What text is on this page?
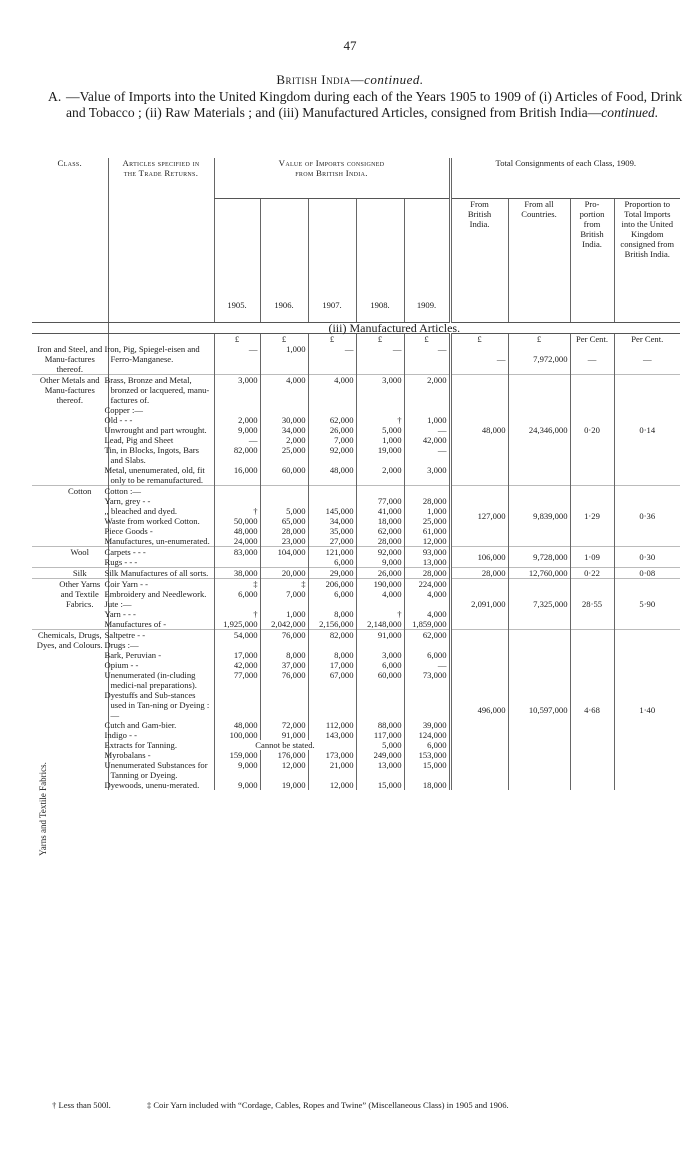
47
British India—continued.
A. —Value of Imports into the United Kingdom during each of the Years 1905 to 1909 of (i) Articles of Food, Drink and Tobacco ; (ii) Raw Materials ; and (iii) Manufactured Articles, consigned from British India—continued.
Yarns and Textile Fabrics.
Class.	Articles specified in the Trade Returns.	Value of Imports consigned from British India.					Total Consignments of each Class, 1909.			
		1905.	1906.	1907.	1908.	1909.	From British India.	From all Countries.	Pro-portion from British India.	Proportion to Total Imports into the United Kingdom consigned from British India.
	(iii) Manufactured Articles.									
		£	£	£	£	£	£	£	Per Cent.	Per Cent.
Iron and Steel, and Manu-factures thereof.	Iron, Pig, Spiegel-eisen and Ferro-Manganese.	—	1,000	—	—	—	—	7,972,000	—	—
Other Metals and Manu-factures thereof.	Brass, Bronze and Metal, bronzed or lacquered, manu-factures of.	3,000	4,000	4,000	3,000	2,000	48,000	24,346,000	0·20	0·14
	Copper :—									
	Old - - -	2,000	30,000	62,000	†	1,000				
	Unwrought and part wrought.	9,000	34,000	26,000	5,000	—				
	Lead, Pig and Sheet	—	2,000	7,000	1,000	42,000				
	Tin, in Blocks, Ingots, Bars and Slabs.	82,000	25,000	92,000	19,000	—				
	Metal, unenumerated, old, fit only to be remanufactured.	16,000	60,000	48,000	2,000	3,000				
Cotton	Cotton :—						127,000	9,839,000	1·29	0·36
	Yarn, grey - -				77,000	28,000				
	,, bleached and dyed.	†	5,000	145,000	41,000	1,000				
	Waste from worked Cotton.	50,000	65,000	34,000	18,000	25,000				
	Piece Goods -	48,000	28,000	35,000	62,000	61,000				
	Manufactures, un-enumerated.	24,000	23,000	27,000	28,000	12,000				
Wool	Carpets - - -	83,000	104,000	121,000	92,000	93,000	106,000	9,728,000	1·09	0·30
	Rugs - - -			6,000	9,000	13,000				
Silk	Silk Manufactures of all sorts.	38,000	20,000	29,000	26,000	28,000	28,000	12,760,000	0·22	0·08
Other Yarns and Textile Fabrics.	Coir Yarn - -	‡	‡	206,000	190,000	224,000	2,091,000	7,325,000	28·55	5·90
	Embroidery and Needlework.	6,000	7,000	6,000	4,000	4,000				
	Jute :—									
	Yarn - - -	†	1,000	8,000	†	4,000				
	Manufactures of -	1,925,000	2,042,000	2,156,000	2,148,000	1,859,000				
Chemicals, Drugs, Dyes, and Colours.	Saltpetre - -	54,000	76,000	82,000	91,000	62,000	496,000	10,597,000	4·68	1·40
	Drugs :—									
	Bark, Peruvian -	17,000	8,000	8,000	3,000	6,000				
	Opium - -	42,000	37,000	17,000	6,000	—				
	Unenumerated (in-cluding medici-nal preparations).	77,000	76,000	67,000	60,000	73,000				
	Dyestuffs and Sub-stances used in Tan-ning or Dyeing :—									
	Cutch and Gam-bier.	48,000	72,000	112,000	88,000	39,000				
	Indigo - -	100,000	91,000	143,000	117,000	124,000				
	Extracts for Tanning.	Cannot be stated.			5,000	6,000				
	Myrobalans -	159,000	176,000	173,000	249,000	153,000				
	Unenumerated Substances for Tanning or Dyeing.	9,000	12,000	21,000	13,000	15,000				
	Dyewoods, unenu-merated.	9,000	19,000	12,000	15,000	18,000				
† Less than 500l.	‡ Coir Yarn included with “Cordage, Cables, Ropes and Twine” (Miscellaneous Class) in 1905 and 1906.
